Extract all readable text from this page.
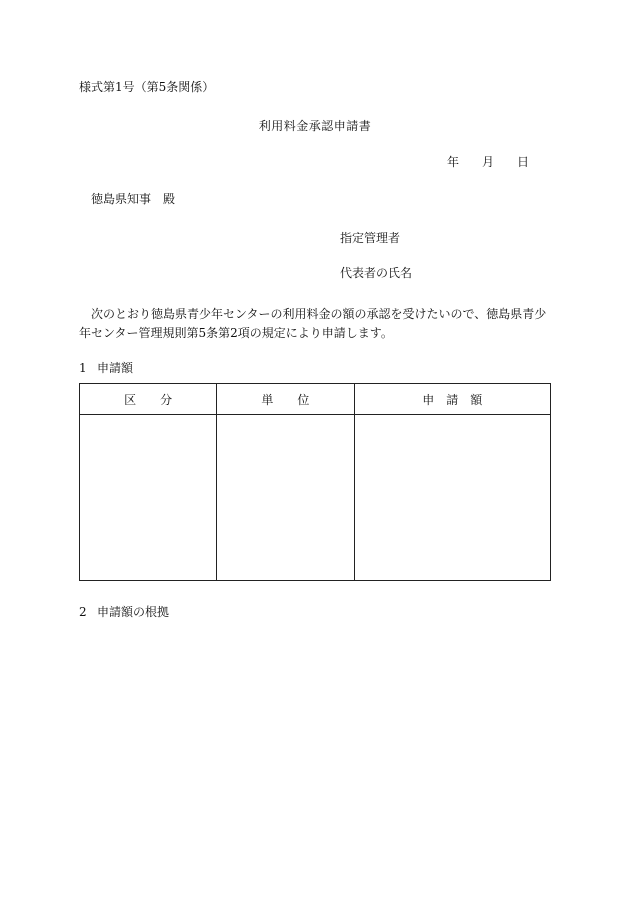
様式第1号（第5条関係）
利用料金承認申請書
年 月 日
徳島県知事　殿
指定管理者
代表者の氏名
　次のとおり徳島県青少年センターの利用料金の額の承認を受けたいので、徳島県青少年センター管理規則第5条第2項の規定により申請します。
1 申請額
区　　分	単　　位	申　請　額

2 申請額の根拠
